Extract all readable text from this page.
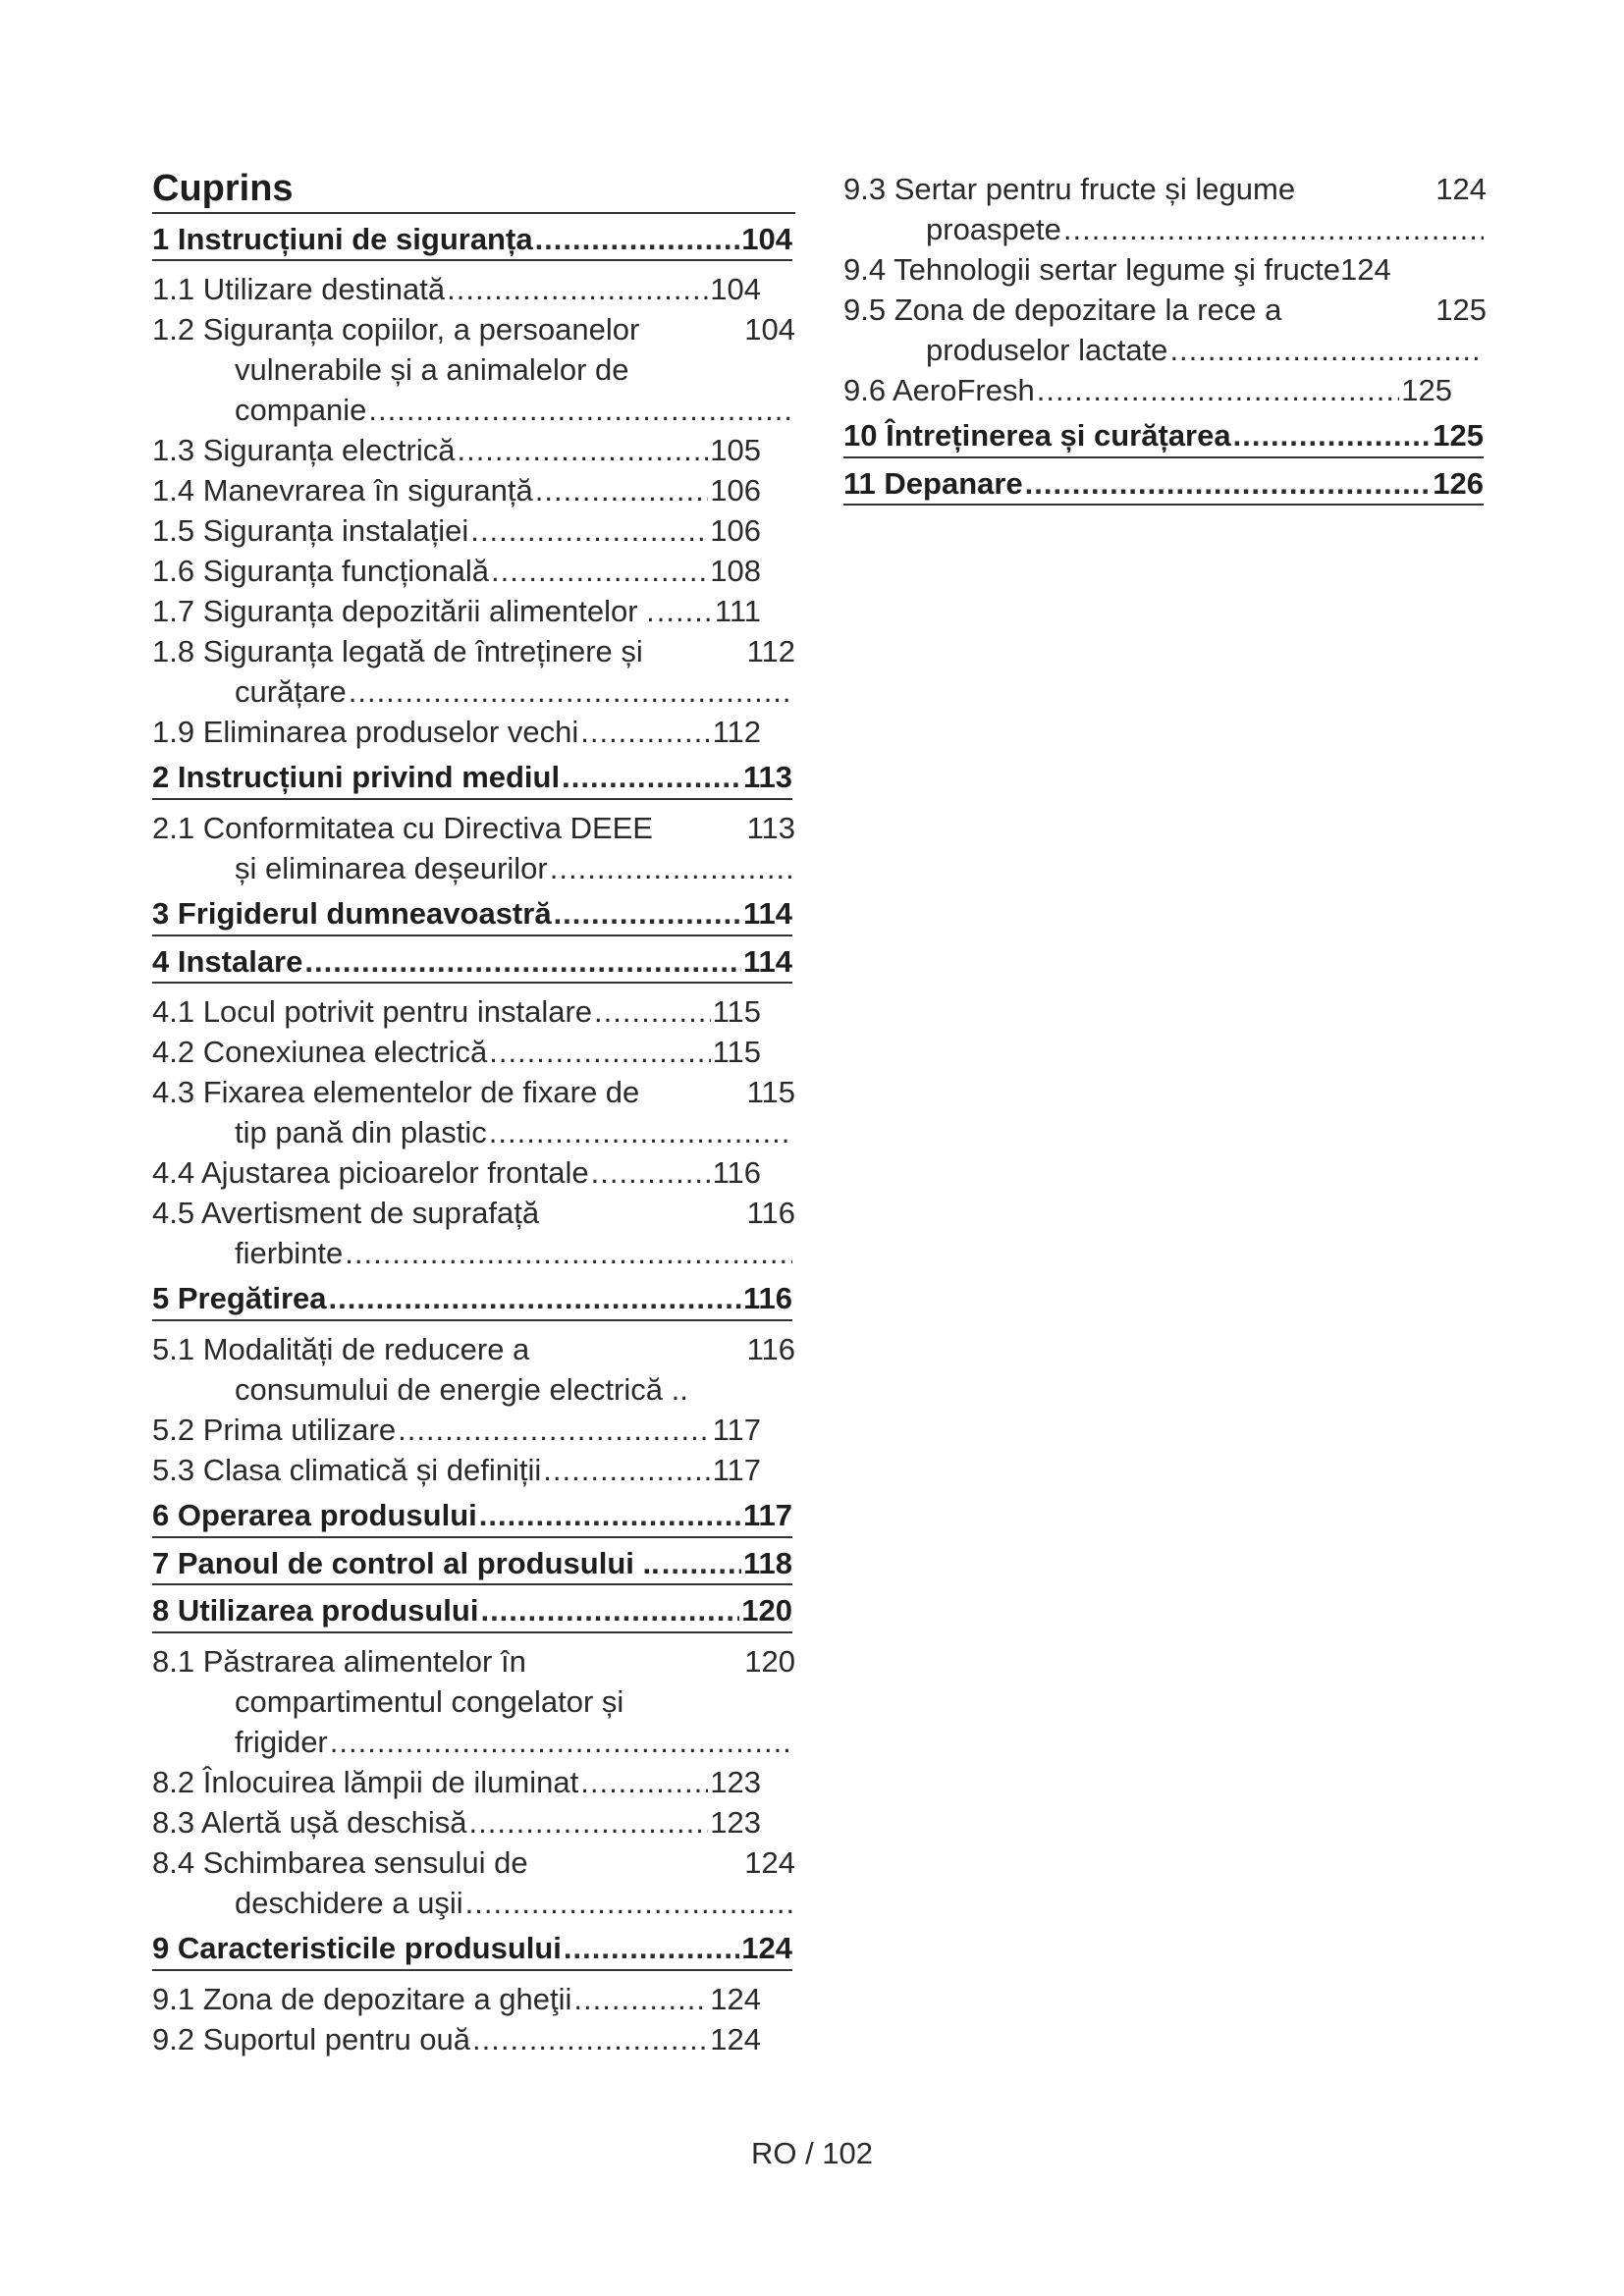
Cuprins
1 Instrucțiuni de siguranța .....	104
1.1 Utilizare destinată .....	104
1.2 Siguranța copiilor, a persoanelor	104
vulnerabile și a animalelor de
companie
.....
1.3 Siguranța electrică .....	105
1.4 Manevrarea în siguranță .....	106
1.5 Siguranța instalației .....	106
1.6 Siguranța funcțională .....	108
1.7 Siguranța depozitării alimentelor . ..... 111
1.8 Siguranța legată de întreținere și	112
curățare
.....
1.9 Eliminarea produselor vechi .....	112
2 Instrucțiuni privind mediul .....	113
2.1 Conformitatea cu Directiva DEEE	113
și eliminarea deșeurilor
.....
3 Frigiderul dumneavoastră .....	114
4 Instalare .....	114
4.1 Locul potrivit pentru instalare .....	115
4.2 Conexiunea electrică .....	115
4.3 Fixarea elementelor de fixare de	115
tip pană din plastic
.....
4.4 Ajustarea picioarelor frontale .....	116
4.5 Avertisment de suprafață	116
fierbinte
.....
5 Pregătirea .....	116
5.1 Modalități de reducere a	116
consumului de energie electrică ..
5.2 Prima utilizare .....	117
5.3 Clasa climatică și definiții .....	117
6 Operarea produsului .....	117
7 Panoul de control al produsului .. .....	118
8 Utilizarea produsului .....	120
8.1 Păstrarea alimentelor în	120
compartimentul congelator și
frigider
.....
8.2 Înlocuirea lămpii de iluminat .....	123
8.3 Alertă ușă deschisă .....	123
8.4 Schimbarea sensului de	124
deschidere a uşii
.....
9 Caracteristicile produsului .....	124
9.1 Zona de depozitare a gheţii .....	124
9.2 Suportul pentru ouă .....	124
9.3 Sertar pentru fructe și legume	124
proaspete
.....
9.4 Tehnologii sertar legume şi fructe 124
9.5 Zona de depozitare la rece a	125
produselor lactate
.....
9.6 AeroFresh .....	125
10 Întreținerea și curățarea .....	125
11 Depanare .....	126
RO / 102
